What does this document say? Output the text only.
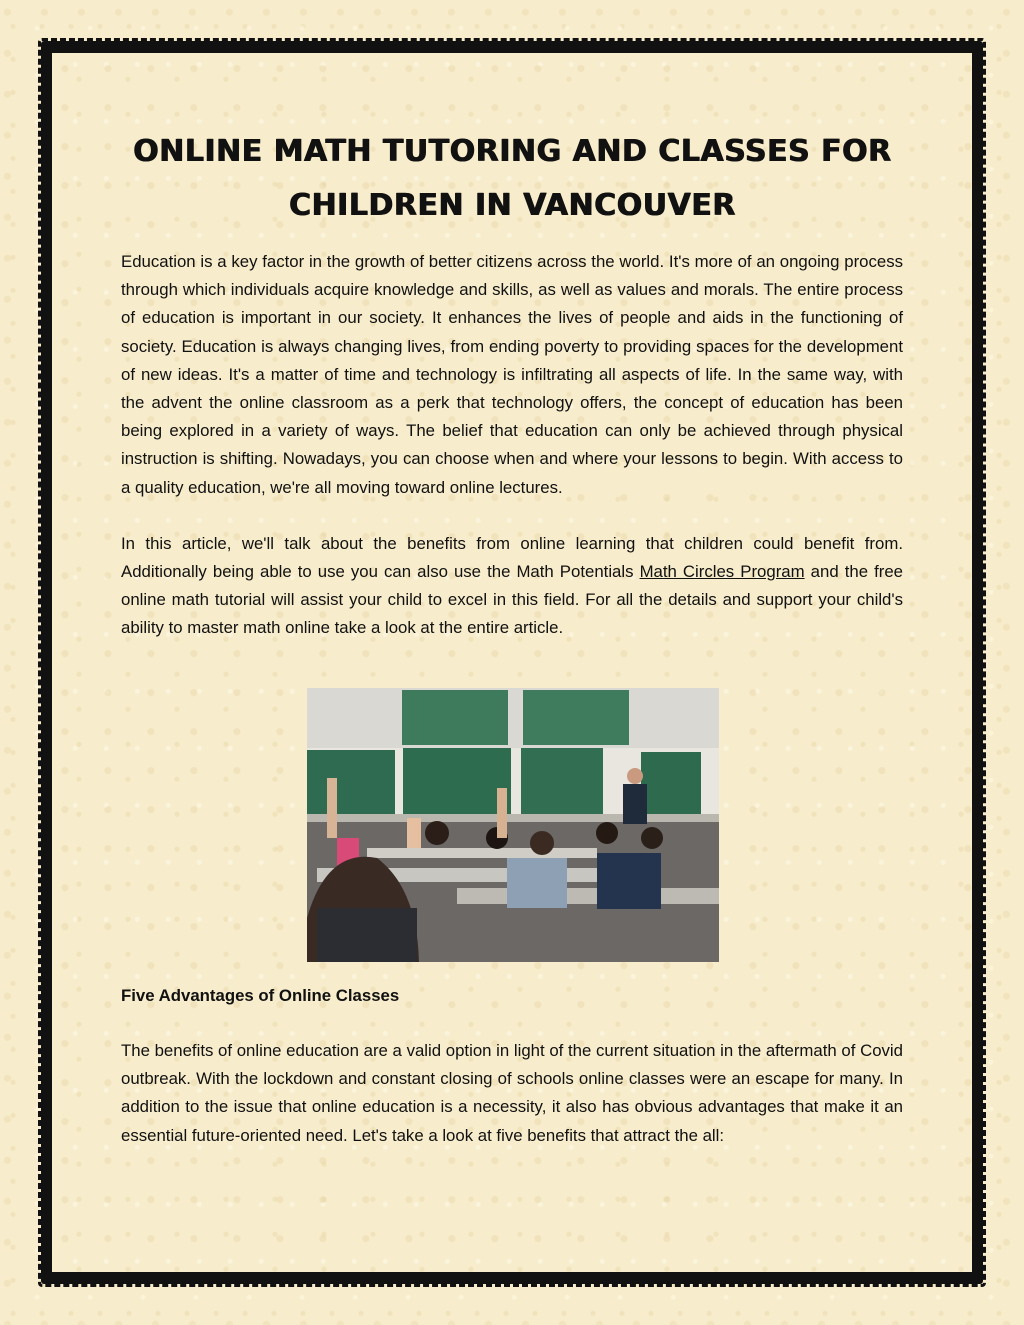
ONLINE MATH TUTORING AND CLASSES FOR CHILDREN IN VANCOUVER

Education is a key factor in the growth of better citizens across the world. It's more of an ongoing process through which individuals acquire knowledge and skills, as well as values and morals. The entire process of education is important in our society. It enhances the lives of people and aids in the functioning of society. Education is always changing lives, from ending poverty to providing spaces for the development of new ideas. It's a matter of time and technology is infiltrating all aspects of life. In the same way, with the advent the online classroom as a perk that technology offers, the concept of education has been being explored in a variety of ways. The belief that education can only be achieved through physical instruction is shifting. Nowadays, you can choose when and where your lessons to begin. With access to a quality education, we're all moving toward online lectures.

In this article, we'll talk about the benefits from online learning that children could benefit from. Additionally being able to use you can also use the Math Potentials Math Circles Program and the free online math tutorial will assist your child to excel in this field. For all the details and support your child's ability to master math online take a look at the entire article.

Five Advantages of Online Classes

The benefits of online education are a valid option in light of the current situation in the aftermath of Covid outbreak. With the lockdown and constant closing of schools online classes were an escape for many. In addition to the issue that online education is a necessity, it also has obvious advantages that make it an essential future-oriented need. Let's take a look at five benefits that attract the all:
